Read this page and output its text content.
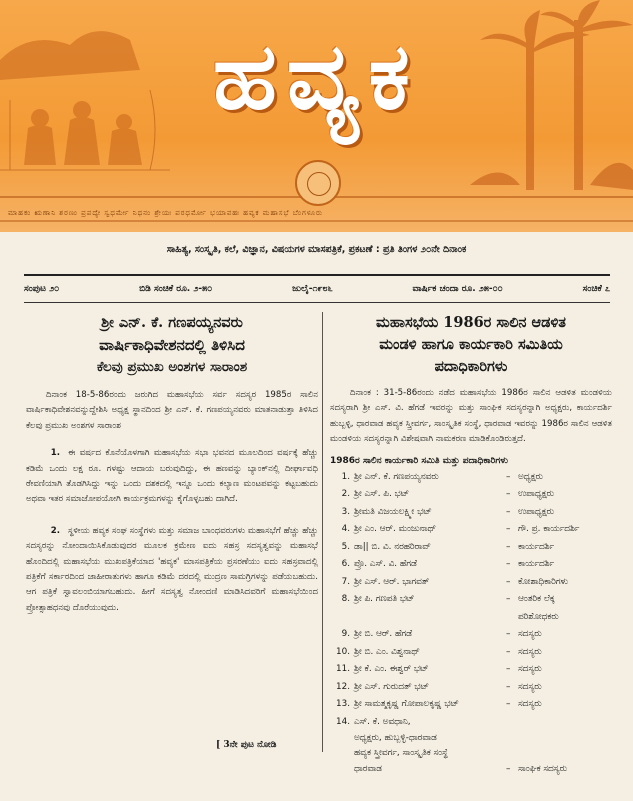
ಹವ್ಯಕ
ಮಾಹಕಂ ಋಣಾನಿ ಶರಣಂ ಪ್ರಪದ್ಯೇ ಸ್ವಧರ್ಮೇ ನಿಧನಂ ಶ್ರೇಯಃ ಪರಧರ್ಮೋ ಭಯಾವಹಃ ಹವ್ಯಕ ಮಹಾಸಭೆ ಬೆಂಗಳೂರು
ಸಾಹಿತ್ಯ, ಸಂಸ್ಕೃತಿ, ಕಲೆ, ವಿಜ್ಞಾನ, ವಿಷಯಗಳ ಮಾಸಪತ್ರಿಕೆ, ಪ್ರಕಟಣೆ : ಪ್ರತಿ ತಿಂಗಳ ೨೦ನೇ ದಿನಾಂಕ
ಸಂಪುಟ ೨೦	ಬಿಡಿ ಸಂಚಿಕೆ ರೂ. ೨-೫೦	ಜುಲೈ-೧೯೮೬	ವಾರ್ಷಿಕ ಚಂದಾ ರೂ. ೨೫-೦೦	ಸಂಚಿಕೆ ೭
ಶ್ರೀ ಎನ್. ಕೆ. ಗಣಪಯ್ಯನವರು
ವಾರ್ಷಿಕಾಧಿವೇಶನದಲ್ಲಿ ತಿಳಿಸಿದ
ಕೆಲವು ಪ್ರಮುಖ ಅಂಶಗಳ ಸಾರಾಂಶ

ದಿನಾಂಕ 18-5-86ರಂದು ಜರುಗಿದ ಮಹಾಸಭೆಯ ಸರ್ವ ಸದಸ್ಯರ 1985ರ ಸಾಲಿನ ವಾರ್ಷಿಕಾಧಿವೇಶನವನ್ನುದ್ದೇಶಿಸಿ ಅಧ್ಯಕ್ಷ ಸ್ಥಾನದಿಂದ ಶ್ರೀ ಎನ್. ಕೆ. ಗಣಪಯ್ಯನವರು ಮಾತನಾಡುತ್ತಾ ತಿಳಿಸಿದ ಕೆಲವು ಪ್ರಮುಖ ಅಂಶಗಳ ಸಾರಾಂಶ

1. ಈ ವರ್ಷದ ಕೊನೆಯೊಳಗಾಗಿ ಮಹಾಸಭೆಯ ಸಭಾ ಭವನದ ಮೂಲದಿಂದ ವರ್ಷಕ್ಕೆ ಹೆಚ್ಚು ಕಡಿಮೆ ಒಂದು ಲಕ್ಷ ರೂ. ಗಳಷ್ಟು ಆದಾಯ ಬರುವುದಿದ್ದು, ಈ ಹಣವನ್ನು ಬ್ಯಾಂಕ್‌ನಲ್ಲಿ ದೀರ್ಘಾವಧಿ ಠೇವಣಿಯಾಗಿ ತೊಡಗಿಸಿದ್ದು ಇನ್ನು ಒಂದು ದಶಕದಲ್ಲಿ ಇನ್ನೂ ಒಂದು ಕಲ್ಯಾಣ ಮಂಟಪವನ್ನು ಕಟ್ಟಬಹುದು ಅಥವಾ ಇತರ ಸಮಾಜೋಪಯೋಗಿ ಕಾರ್ಯಕ್ರಮಗಳನ್ನು ಕೈಗೊಳ್ಳಬಹು ದಾಗಿದೆ.
2. ಸ್ಥಳೀಯ ಹವ್ಯಕ ಸಂಘ ಸಂಸ್ಥೆಗಳು ಮತ್ತು ಸಮಾಜ ಬಾಂಧವರುಗಳು ಮಹಾಸಭೆಗೆ ಹೆಚ್ಚು ಹೆಚ್ಚು ಸದಸ್ಯರನ್ನು ನೋಂದಾಯಿಸಿಕೊಡುವುದರ ಮೂಲಕ ಕ್ರಮೇಣ ಐದು ಸಹಸ್ರ ಸದಸ್ಯತ್ವವನ್ನು ಮಹಾಸಭೆ ಹೊಂದಿದಲ್ಲಿ ಮಹಾಸಭೆಯ ಮುಖಪತ್ರಿಕೆಯಾದ 'ಹವ್ಯಕ' ಮಾಸಪತ್ರಿಕೆಯ ಪ್ರಸರಣೆಯು ಐದು ಸಹಸ್ರವಾದಲ್ಲಿ ಪತ್ರಿಕೆಗೆ ಸರ್ಕಾರದಿಂದ ಜಾಹೀರಾತುಗಳು ಹಾಗೂ ಕಡಿಮೆ ದರದಲ್ಲಿ ಮುದ್ರಣ ಸಾಮಗ್ರಿಗಳನ್ನು ಪಡೆಯಬಹುದು. ಆಗ ಪತ್ರಿಕೆ ಸ್ವಾವಲಂಬಿಯಾಗಬಹುದು. ಹೀಗೆ ಸದಸ್ಯತ್ವ ನೋಂದಣಿ ಮಾಡಿಸಿದವರಿಗೆ ಮಹಾಸಭೆಯಿಂದ ಪ್ರೋತ್ಸಾಹಧನವು ದೊರೆಯುವುದು.
[ 3ನೇ ಪುಟ ನೋಡಿ
ಮಹಾಸಭೆಯ 1986ರ ಸಾಲಿನ ಆಡಳಿತ
ಮಂಡಳಿ ಹಾಗೂ ಕಾರ್ಯಕಾರಿ ಸಮಿತಿಯ
ಪದಾಧಿಕಾರಿಗಳು

ದಿನಾಂಕ : 31-5-86ರಂದು ನಡೆದ ಮಹಾಸಭೆಯ 1986ರ ಸಾಲಿನ ಆಡಳಿತ ಮಂಡಳಿಯ ಸದಸ್ಯರಾಗಿ ಶ್ರೀ ಎಸ್. ವಿ. ಹೆಗಡೆ ಇವರನ್ನು ಮತ್ತು ಸಾಂಘಿಕ ಸದಸ್ಯರನ್ನಾಗಿ ಅಧ್ಯಕ್ಷರು, ಕಾರ್ಯದರ್ಶಿ ಹುಬ್ಬಳ್ಳಿ, ಧಾರವಾಡ ಹವ್ಯಕ ಸ್ತ್ರೀವರ್ಗ, ಸಾಂಸ್ಕೃತಿಕ ಸಂಸ್ಥೆ, ಧಾರವಾಡ ಇವರನ್ನು 1986ರ ಸಾಲಿನ ಆಡಳಿತ ಮಂಡಳಿಯ ಸದಸ್ಯರನ್ನಾಗಿ ವಿಶೇಷವಾಗಿ ನಾಮಕರಣ ಮಾಡಿಕೊಂಡಿರುತ್ತದೆ.

1986ರ ಸಾಲಿನ ಕಾರ್ಯಕಾರಿ ಸಮಿತಿ ಮತ್ತು ಪದಾಧಿಕಾರಿಗಳು
1. ಶ್ರೀ ಎನ್. ಕೆ. ಗಣಪಯ್ಯನವರು	– ಅಧ್ಯಕ್ಷರು
2. ಶ್ರೀ ಎಸ್. ಪಿ. ಭಟ್	– ಉಪಾಧ್ಯಕ್ಷರು
3. ಶ್ರೀಮತಿ ವಿಜಯಲಕ್ಷ್ಮೀ ಭಟ್	– ಉಪಾಧ್ಯಕ್ಷರು
4. ಶ್ರೀ ಎಂ. ಆರ್. ಮಂಜುನಾಥ್	– ಗೌ. ಪ್ರ. ಕಾರ್ಯದರ್ಶಿ
5. ಡಾ|| ಬಿ. ವಿ. ನರಹರಿರಾವ್	– ಕಾರ್ಯದರ್ಶಿ
6. ಪ್ರೊ. ಎಸ್. ವಿ. ಹೆಗಡೆ	– ಕಾರ್ಯದರ್ಶಿ
7. ಶ್ರೀ ಎಸ್. ಆರ್. ಭಾಗವತ್	– ಕೋಶಾಧಿಕಾರಿಗಳು
8. ಶ್ರೀ ಪಿ. ಗಣಪತಿ ಭಟ್	– ಆಂತರಿಕ ಲೆಕ್ಕ
ಪರಿಶೋಧಕರು
9. ಶ್ರೀ ಬಿ. ಆರ್. ಹೆಗಡೆ	– ಸದಸ್ಯರು
10. ಶ್ರೀ ಬಿ. ಎಂ. ವಿಶ್ವನಾಥ್	– ಸದಸ್ಯರು
11. ಶ್ರೀ ಕೆ. ಎಂ. ಈಶ್ವರ್ ಭಟ್	– ಸದಸ್ಯರು
12. ಶ್ರೀ ಎಸ್. ಗುರುದತ್ ಭಟ್	– ಸದಸ್ಯರು
13. ಶ್ರೀ ಸಾಮತ್ಮಕೃಷ್ಣ ಗೋಪಾಲಕೃಷ್ಣ ಭಟ್	– ಸದಸ್ಯರು
14. ಎಸ್. ಕೆ. ಅವಧಾನಿ,
ಅಧ್ಯಕ್ಷರು, ಹುಬ್ಬಳ್ಳಿ-ಧಾರವಾಡ
ಹವ್ಯಕ ಸ್ತ್ರೀವರ್ಗ, ಸಾಂಸ್ಕೃತಿಕ ಸಂಸ್ಥೆ
ಧಾರವಾಡ	– ಸಾಂಘಿಕ ಸದಸ್ಯರು
